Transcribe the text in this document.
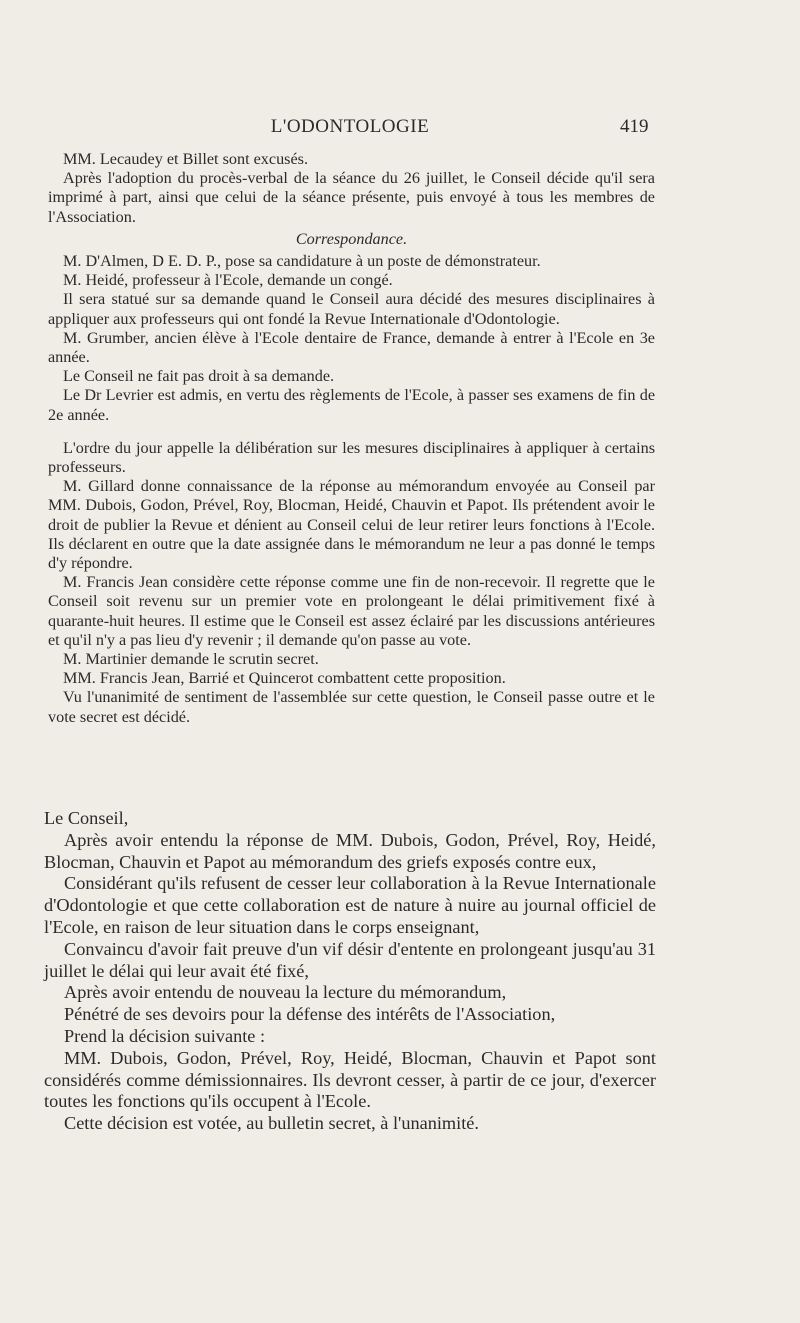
L'ODONTOLOGIE	419

MM. Lecaudey et Billet sont excusés.

Après l'adoption du procès-verbal de la séance du 26 juillet, le Conseil décide qu'il sera imprimé à part, ainsi que celui de la séance présente, puis envoyé à tous les membres de l'Association.

Correspondance.

M. D'Almen, D E. D. P., pose sa candidature à un poste de démonstrateur.

M. Heidé, professeur à l'Ecole, demande un congé.

Il sera statué sur sa demande quand le Conseil aura décidé des mesures disciplinaires à appliquer aux professeurs qui ont fondé la Revue Internationale d'Odontologie.

M. Grumber, ancien élève à l'Ecole dentaire de France, demande à entrer à l'Ecole en 3e année.

Le Conseil ne fait pas droit à sa demande.

Le Dr Levrier est admis, en vertu des règlements de l'Ecole, à passer ses examens de fin de 2e année.

L'ordre du jour appelle la délibération sur les mesures disciplinaires à appliquer à certains professeurs.

M. Gillard donne connaissance de la réponse au mémorandum envoyée au Conseil par MM. Dubois, Godon, Prével, Roy, Blocman, Heidé, Chauvin et Papot. Ils prétendent avoir le droit de publier la Revue et dénient au Conseil celui de leur retirer leurs fonctions à l'Ecole. Ils déclarent en outre que la date assignée dans le mémorandum ne leur a pas donné le temps d'y répondre.

M. Francis Jean considère cette réponse comme une fin de non-recevoir. Il regrette que le Conseil soit revenu sur un premier vote en prolongeant le délai primitivement fixé à quarante-huit heures. Il estime que le Conseil est assez éclairé par les discussions antérieures et qu'il n'y a pas lieu d'y revenir ; il demande qu'on passe au vote.

M. Martinier demande le scrutin secret.

MM. Francis Jean, Barrié et Quincerot combattent cette proposition.

Vu l'unanimité de sentiment de l'assemblée sur cette question, le Conseil passe outre et le vote secret est décidé.

Le Conseil,

Après avoir entendu la réponse de MM. Dubois, Godon, Prével, Roy, Heidé, Blocman, Chauvin et Papot au mémorandum des griefs exposés contre eux,

Considérant qu'ils refusent de cesser leur collaboration à la Revue Internationale d'Odontologie et que cette collaboration est de nature à nuire au journal officiel de l'Ecole, en raison de leur situation dans le corps enseignant,

Convaincu d'avoir fait preuve d'un vif désir d'entente en prolongeant jusqu'au 31 juillet le délai qui leur avait été fixé,

Après avoir entendu de nouveau la lecture du mémorandum,

Pénétré de ses devoirs pour la défense des intérêts de l'Association,

Prend la décision suivante :

MM. Dubois, Godon, Prével, Roy, Heidé, Blocman, Chauvin et Papot sont considérés comme démissionnaires. Ils devront cesser, à partir de ce jour, d'exercer toutes les fonctions qu'ils occupent à l'Ecole.

Cette décision est votée, au bulletin secret, à l'unanimité.
